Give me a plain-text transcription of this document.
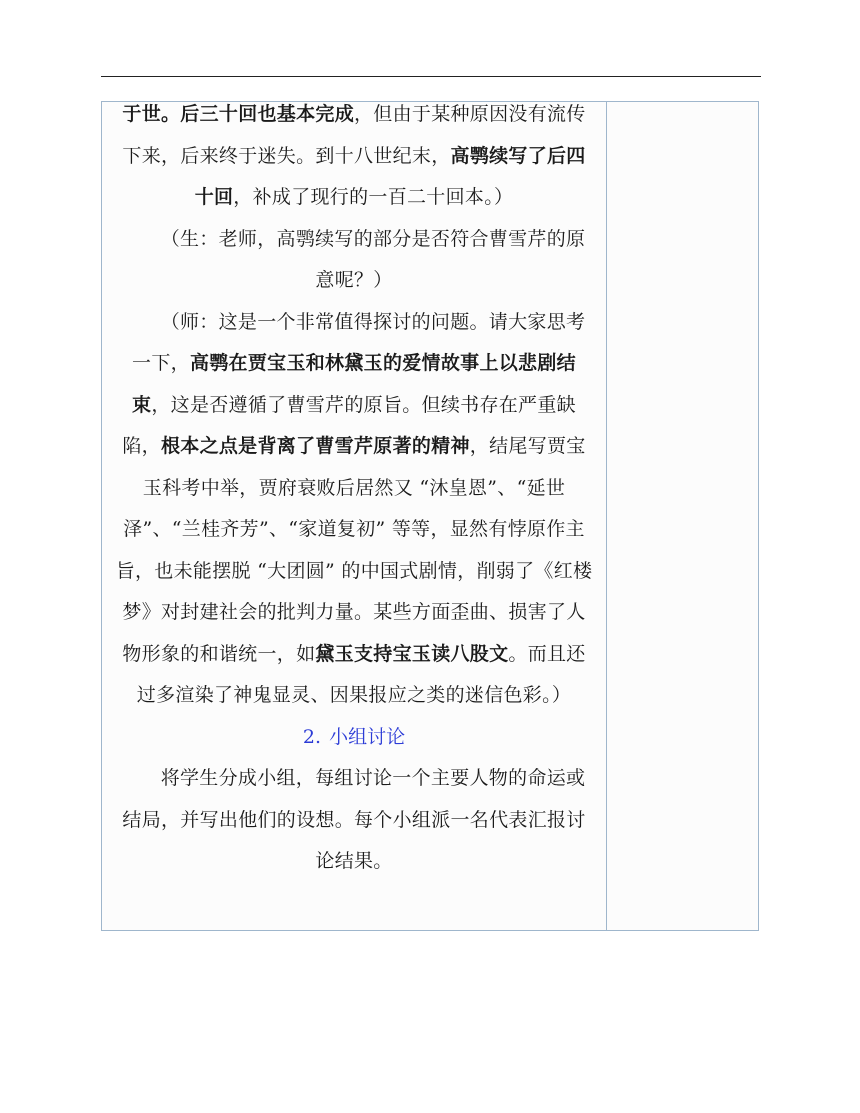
于世。后三十回也基本完成，但由于某种原因没有流传下来，后来终于迷失。到十八世纪末，高鹗续写了后四十回，补成了现行的一百二十回本。）

（生：老师，高鹗续写的部分是否符合曹雪芹的原意呢？）

（师：这是一个非常值得探讨的问题。请大家思考一下，高鹗在贾宝玉和林黛玉的爱情故事上以悲剧结束，这是否遵循了曹雪芹的原旨。但续书存在严重缺陷，根本之点是背离了曹雪芹原著的精神，结尾写贾宝玉科考中举，贾府衰败后居然又 “沐皇恩”、“延世泽”、“兰桂齐芳”、“家道复初” 等等，显然有悖原作主旨，也未能摆脱 “大团圆” 的中国式剧情，削弱了《红楼梦》对封建社会的批判力量。某些方面歪曲、损害了人物形象的和谐统一，如黛玉支持宝玉读八股文。而且还过多渲染了神鬼显灵、因果报应之类的迷信色彩。）

2. 小组讨论

将学生分成小组，每组讨论一个主要人物的命运或结局，并写出他们的设想。每个小组派一名代表汇报讨论结果。
